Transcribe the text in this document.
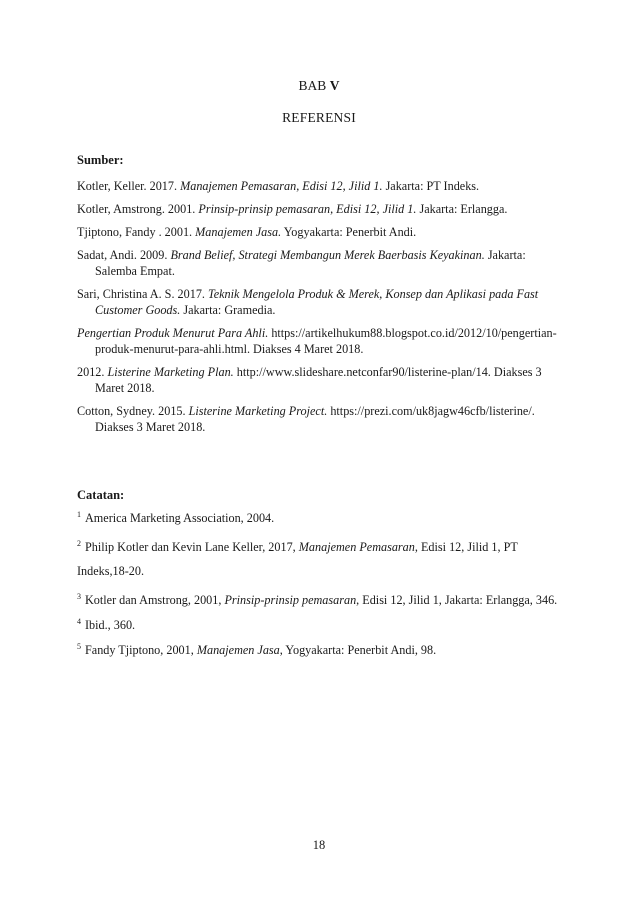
BAB V
REFERENSI
Sumber:

Kotler, Keller. 2017. Manajemen Pemasaran, Edisi 12, Jilid 1. Jakarta: PT Indeks.

Kotler, Amstrong. 2001. Prinsip-prinsip pemasaran, Edisi 12, Jilid 1. Jakarta: Erlangga.

Tjiptono, Fandy . 2001. Manajemen Jasa. Yogyakarta: Penerbit Andi.

Sadat, Andi. 2009. Brand Belief, Strategi Membangun Merek Baerbasis Keyakinan. Jakarta: Salemba Empat.

Sari, Christina A. S. 2017. Teknik Mengelola Produk & Merek, Konsep dan Aplikasi pada Fast Customer Goods. Jakarta: Gramedia.

Pengertian Produk Menurut Para Ahli. https://artikelhukum88.blogspot.co.id/2012/10/pengertian-produk-menurut-para-ahli.html. Diakses 4 Maret 2018.

2012. Listerine Marketing Plan. http://www.slideshare.netconfar90/listerine-plan/14. Diakses 3 Maret 2018.

Cotton, Sydney. 2015. Listerine Marketing Project. https://prezi.com/uk8jagw46cfb/listerine/. Diakses 3 Maret 2018.

Catatan:

$^1$ America Marketing Association, 2004.

$^2$ Philip Kotler dan Kevin Lane Keller, 2017, Manajemen Pemasaran, Edisi 12, Jilid 1, PT Indeks,18-20.

$^3$ Kotler dan Amstrong, 2001, Prinsip-prinsip pemasaran, Edisi 12, Jilid 1, Jakarta: Erlangga, 346.

$^4$ Ibid., 360.

$^5$ Fandy Tjiptono, 2001, Manajemen Jasa, Yogyakarta: Penerbit Andi, 98.

18
